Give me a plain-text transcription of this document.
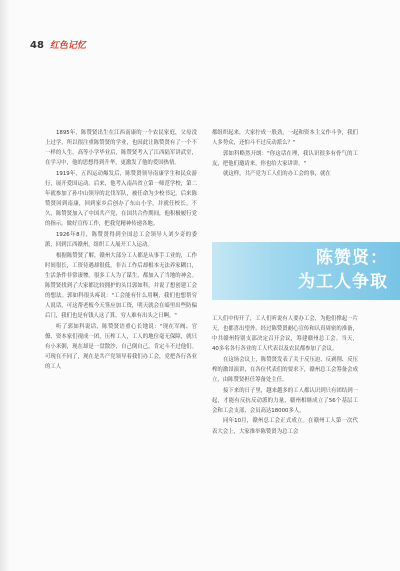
48 红色记忆

1895年，陈赞贤出生在江西南康的一个农民家庭，父母没上过学，所以很注重陈赞贤的学业，也因此让陈赞贤有了一个不一样的人生。高等小学毕业后，陈赞贤考入了江西陆军讲武堂，在学习中，他的思想得到升华，更激发了他的爱国热情。

1919年，五四运动爆发后，陈赞贤领导南康学生和民众游行，展开爱国运动。后来，他考入南昌省立第一师范学校，第二年就参加了孙中山领导的北伐军队，被任命为少校书记。后来陈赞贤回到南康，回到家乡后创办了东山小学，并就任校长。不久，陈赞贤加入了中国共产党，在国共合作期间，他积极履行党的指示，做好宣传工作，把我党精神传递各地。

1926年8月，陈赞贤得到全国总工会领导人刘少奇的委派，回到江西赣州，组织工人展开工人运动。

根据陈赞贤了解，赣州大部分工人都是从事手工业的，工作时间很长，工资待遇却很低，非吉工作后却根本无法养家糊口，生活条件非常凄惨。很多工人为了谋生，都加入了当地的神会。陈赞贤找到了大家都比较拥护的头目郭如科，并说了想创建工会的想法。郭如科很头疼说："工会能有什么用啊，我们也想帮穷人说话，可这帮老板今天签应加工资，明天就会在暗里出些防偏后门，我们也是有钱人这了算，穷人难有出头之日啊。"

听了郭如科说话，陈赞贤语重心长地说："现在军阀、官僚、资本家们视成一团，压榨工人，工人的地位毫无保障，就只有小米粥，现在却是一盘散沙，自己倒自己，肯定斗不过他们。可现在不同了，现在是共产党领导着我们办工会，党把各行各业的工人

都组织起来，大家拧成一股劲，一起和资本主义作斗争，我们人多势众，还怕斗不过反动派么？"

郭如科略然开朗："你这话在理，我认识很多有骨气的工友，把他们邀请来，你也给大家讲讲。"

就这样，共产党为工人们的办工会的事，就在

陈赞贤：
为工人争取

工人们中传开了，工人们听说有人要办工会，为他们撑起一片天，也都喜出望外。经过陈赞贤耐心宣传和认真周密的准备，中共赣州特别支部决定召开会议，筹建赣州总工会。当天，40多名各行各业的工人代表以及农民都参加了会议。

在这场会议上，陈赞贤发表了关于反压迫、反剥削、反压榨的激昂演讲，在各位代表们的要求下，赣州总工会筹备会成立，由陈赞贤担任筹备处主任。

接下来的日子里，越来越多的工人都认识到只有团结到一起，才能有反抗反动派的力量，赣州相继成立了56个基层工会和工会支部，会员高达18000多人。

同年10月，赣州总工会正式成立。在赣州工人第一次代表大会上，大家推举陈赞贤为总工会
